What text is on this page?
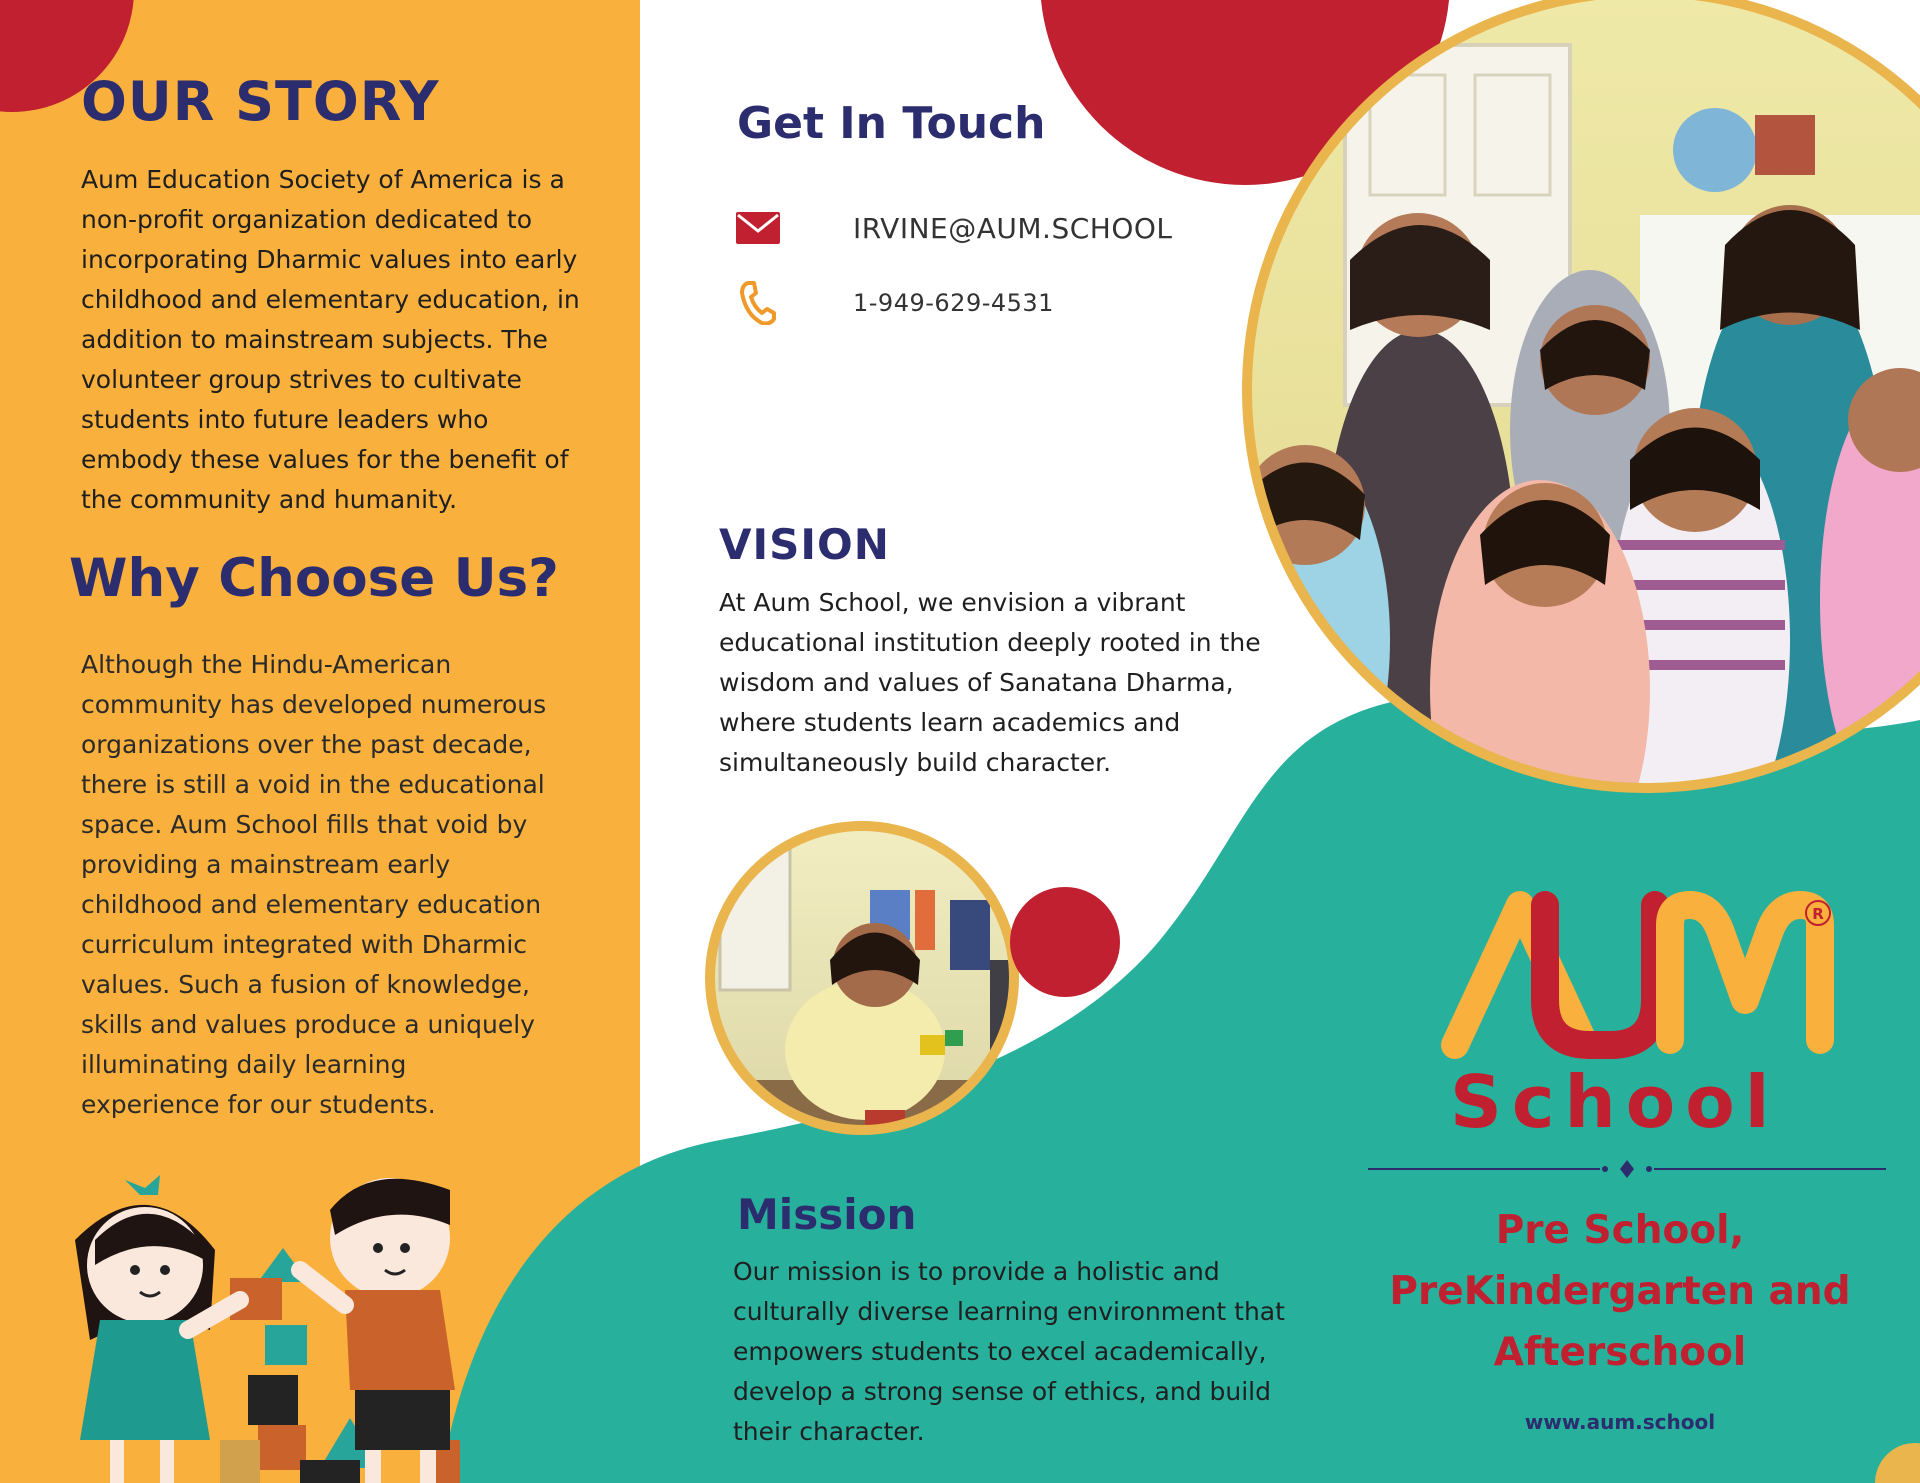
R
OUR STORY
Aum Education Society of America is a non-profit organization dedicated to incorporating Dharmic values into early childhood and elementary education, in addition to mainstream subjects. The volunteer group strives to cultivate students into future leaders who embody these values for the benefit of the community and humanity.
Why Choose Us?
Although the Hindu-American community has developed numerous organizations over the past decade, there is still a void in the educational space. Aum School fills that void by providing a mainstream early childhood and elementary education curriculum integrated with Dharmic values. Such a fusion of knowledge, skills and values produce a uniquely illuminating daily learning experience for our students.
Get In Touch
IRVINE@AUM.SCHOOL
1-949-629-4531
VISION
At Aum School, we envision a vibrant educational institution deeply rooted in the wisdom and values of Sanatana Dharma, where students learn academics and simultaneously build character.
Mission
Our mission is to provide a holistic and culturally diverse learning environment that empowers students to excel academically, develop a strong sense of ethics, and build their character.
School
Pre School, PreKindergarten and Afterschool
www.aum.school
